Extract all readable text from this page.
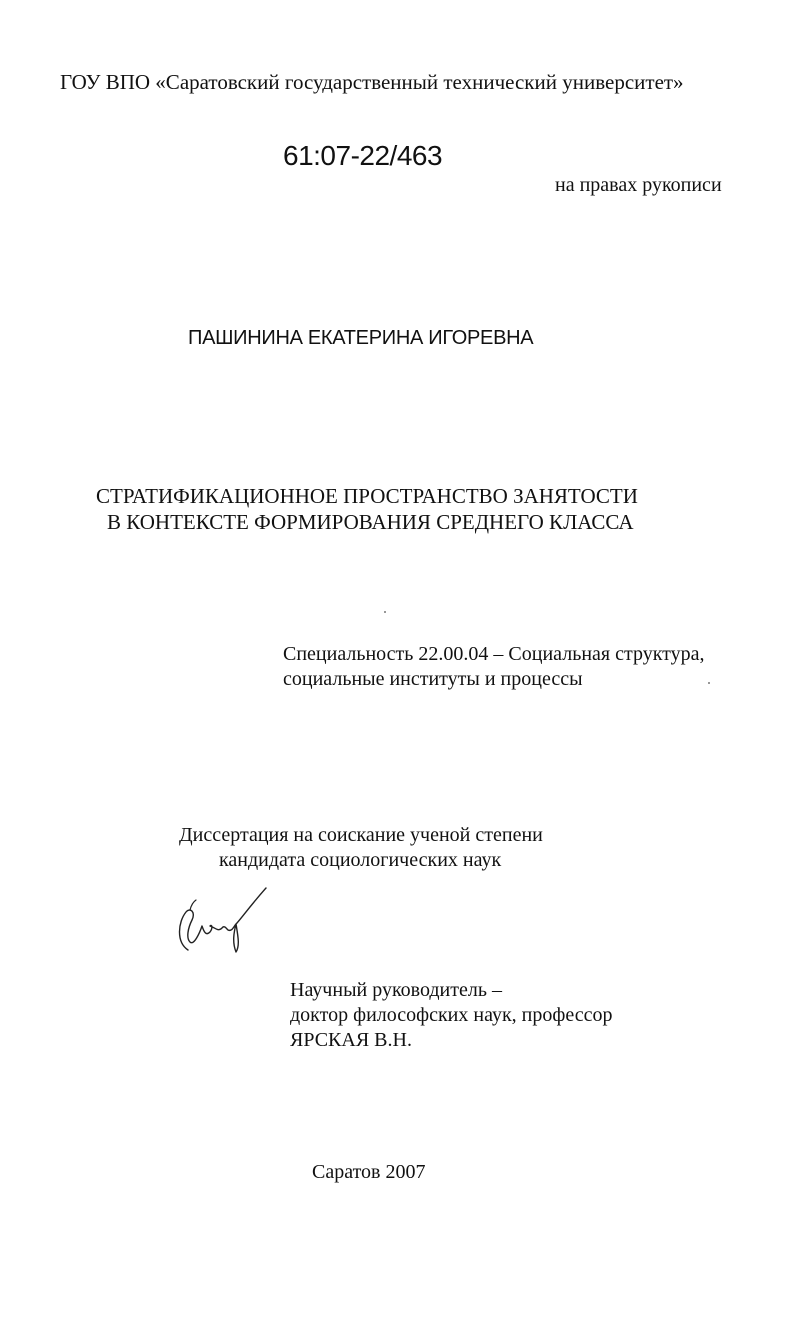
ГОУ ВПО «Саратовский государственный технический университет»
61:07-22/463
на правах рукописи
ПАШИНИНА ЕКАТЕРИНА ИГОРЕВНА
СТРАТИФИКАЦИОННОЕ ПРОСТРАНСТВО ЗАНЯТОСТИ
В КОНТЕКСТЕ ФОРМИРОВАНИЯ СРЕДНЕГО КЛАССА
Специальность 22.00.04 – Социальная структура,
социальные институты и процессы
Диссертация на соискание ученой степени
кандидата социологических наук
Научный руководитель –
доктор философских наук, профессор
ЯРСКАЯ В.Н.
Саратов 2007
